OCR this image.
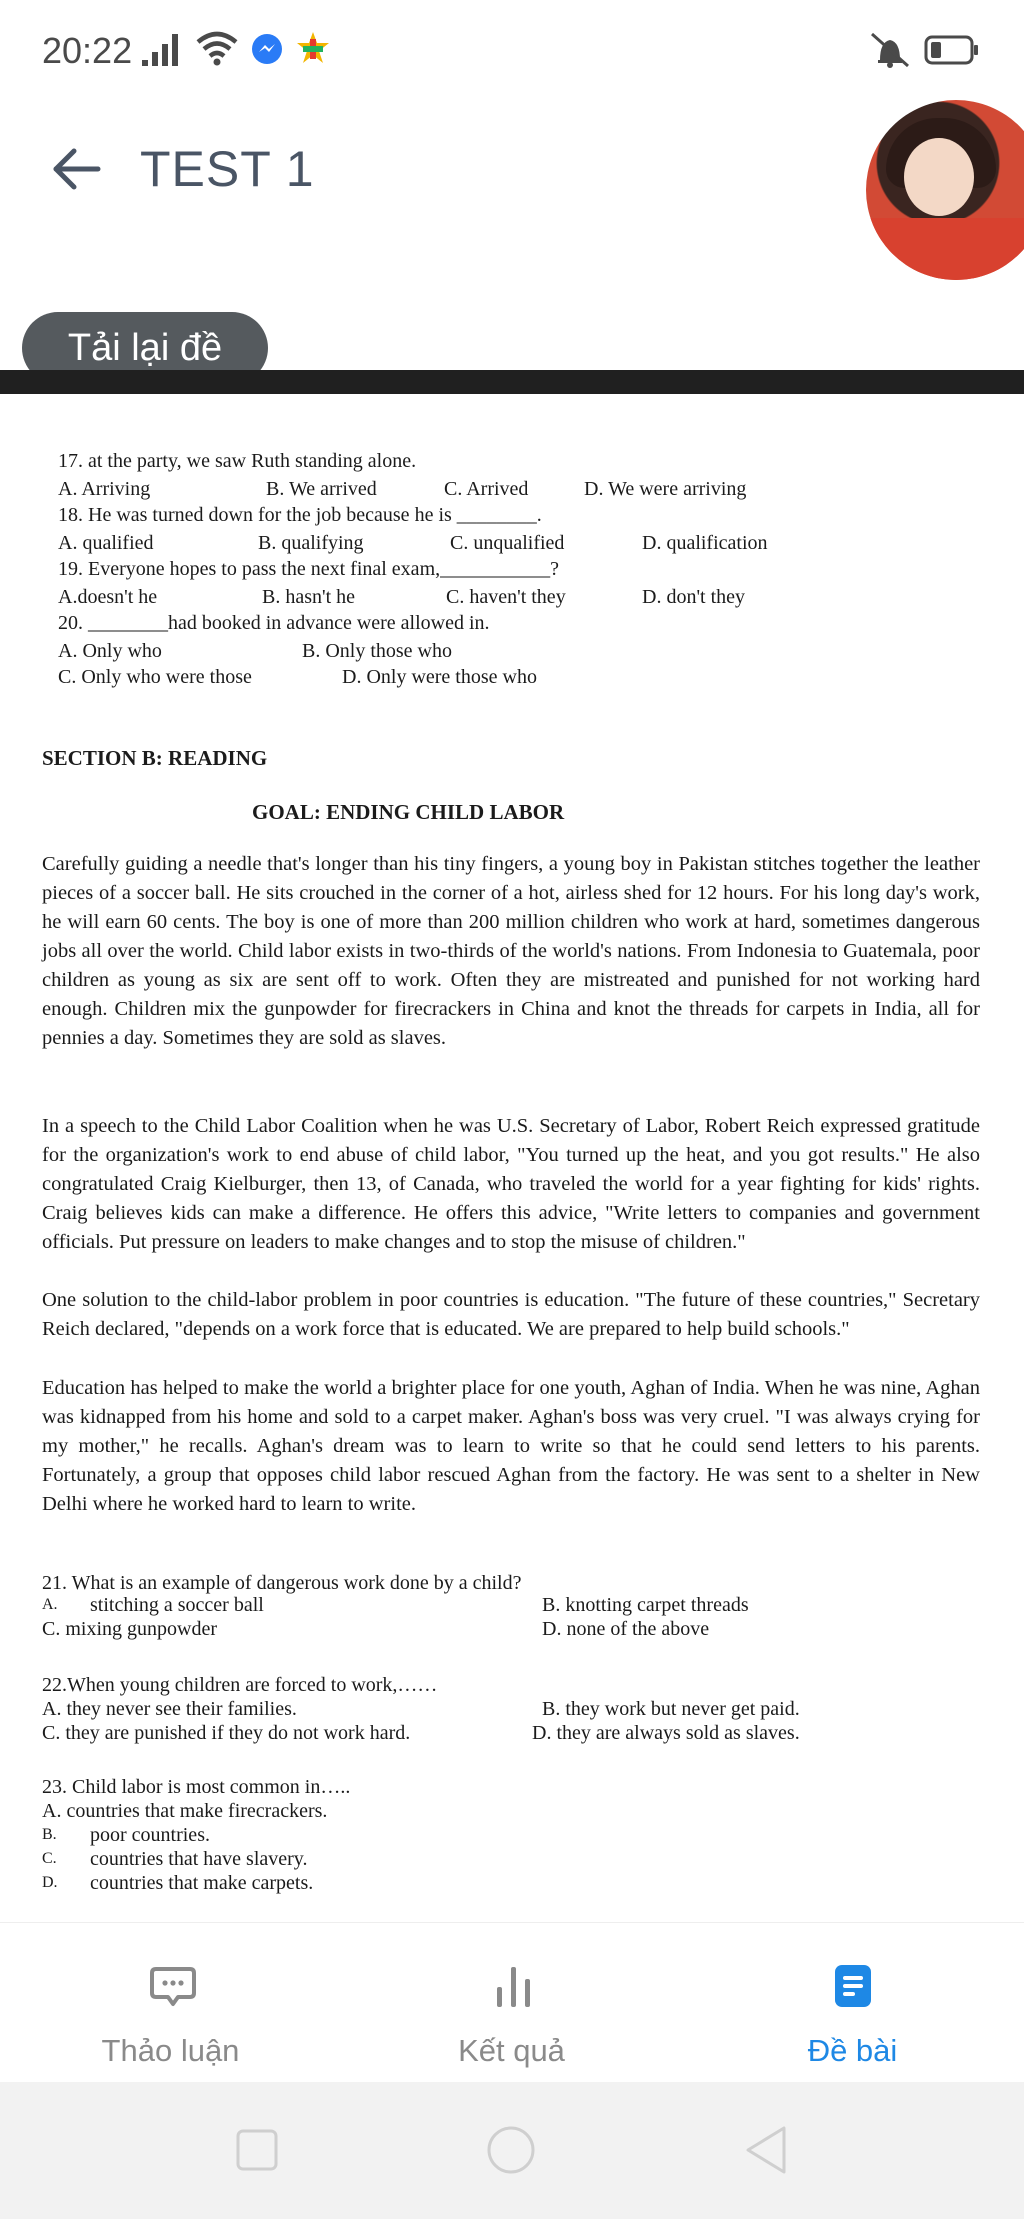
20:22
TEST 1
Tải lại đề
17. at the party, we saw Ruth standing alone.
A. Arriving	B. We arrived	C. Arrived	D. We were arriving
18. He was turned down for the job because he is ________.
A. qualified	B. qualifying	C. unqualified	D. qualification
19. Everyone hopes to pass the next final exam,___________?
A.doesn't he	B. hasn't he	C. haven't they	D. don't they
20. ________had booked in advance were allowed in.
A. Only who	B. Only those who
C. Only who were those	D. Only were those who
SECTION B: READING
GOAL: ENDING CHILD LABOR
Carefully guiding a needle that's longer than his tiny fingers, a young boy in Pakistan stitches together the leather pieces of a soccer ball. He sits crouched in the corner of a hot, airless shed for 12 hours. For his long day's work, he will earn 60 cents. The boy is one of more than 200 million children who work at hard, sometimes dangerous jobs all over the world. Child labor exists in two-thirds of the world's nations. From Indonesia to Guatemala, poor children as young as six are sent off to work. Often they are mistreated and punished for not working hard enough. Children mix the gunpowder for firecrackers in China and knot the threads for carpets in India, all for pennies a day. Sometimes they are sold as slaves.
In a speech to the Child Labor Coalition when he was U.S. Secretary of Labor, Robert Reich expressed gratitude for the organization's work to end abuse of child labor, "You turned up the heat, and you got results." He also congratulated Craig Kielburger, then 13, of Canada, who traveled the world for a year fighting for kids' rights. Craig believes kids can make a difference. He offers this advice, "Write letters to companies and government officials. Put pressure on leaders to make changes and to stop the misuse of children."
One solution to the child-labor problem in poor countries is education. "The future of these countries," Secretary Reich declared, "depends on a work force that is educated. We are prepared to help build schools."
Education has helped to make the world a brighter place for one youth, Aghan of India. When he was nine, Aghan was kidnapped from his home and sold to a carpet maker. Aghan's boss was very cruel. "I was always crying for my mother," he recalls. Aghan's dream was to learn to write so that he could send letters to his parents. Fortunately, a group that opposes child labor rescued Aghan from the factory. He was sent to a shelter in New Delhi where he worked hard to learn to write.
21. What is an example of dangerous work done by a child?
A. stitching a soccer ball	B. knotting carpet threads
C. mixing gunpowder	D. none of the above
22.When young children are forced to work,……
A. they never see their families.	B. they work but never get paid.
C. they are punished if they do not work hard.	D. they are always sold as slaves.
23. Child labor is most common in…..
A. countries that make firecrackers.
B. poor countries.
C. countries that have slavery.
D. countries that make carpets.
Thảo luận	Kết quả	Đề bài
